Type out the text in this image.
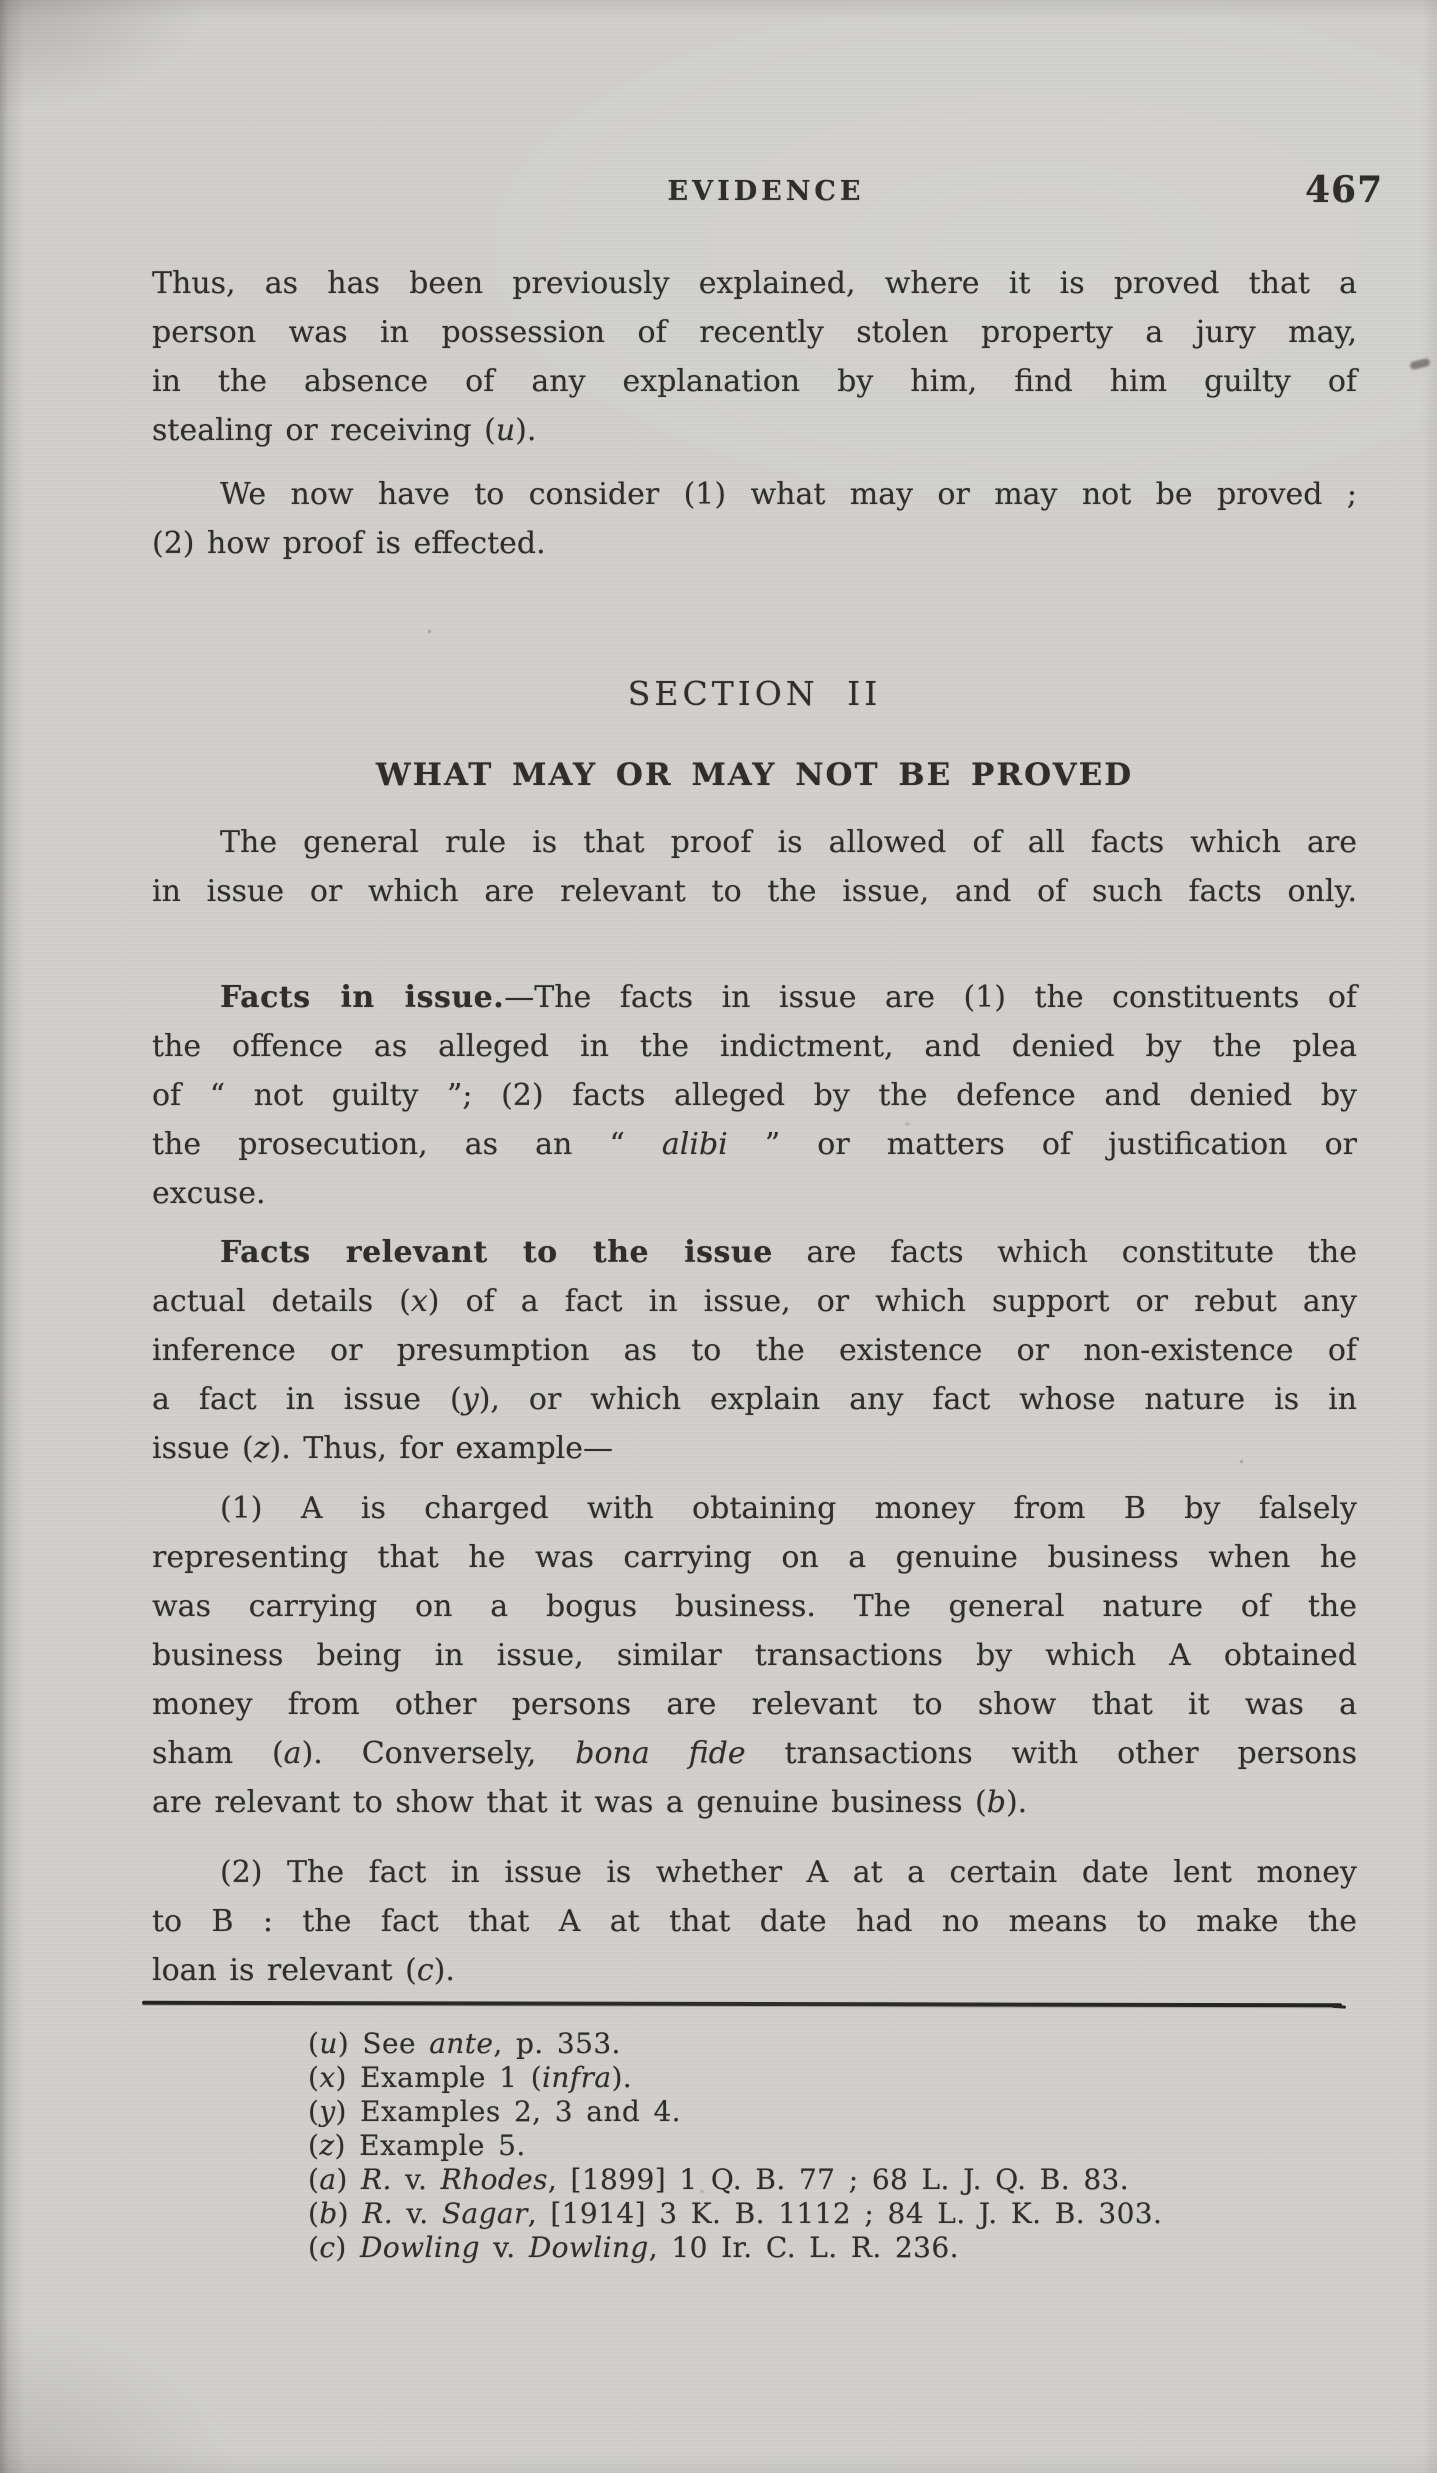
EVIDENCE	467
Thus, as has been previously explained, where it is proved that a
person was in possession of recently stolen property a jury may,
in the absence of any explanation by him, find him guilty of
stealing or receiving (u).
We now have to consider (1) what may or may not be proved ;
(2) how proof is effected.
SECTION II
WHAT MAY OR MAY NOT BE PROVED
The general rule is that proof is allowed of all facts which are
in issue or which are relevant to the issue, and of such facts only.
Facts in issue.—The facts in issue are (1) the constituents of
the offence as alleged in the indictment, and denied by the plea
of “ not guilty ”; (2) facts alleged by the defence and denied by
the prosecution, as an “ alibi ” or matters of justification or
excuse.
Facts relevant to the issue are facts which constitute the
actual details (x) of a fact in issue, or which support or rebut any
inference or presumption as to the existence or non-existence of
a fact in issue (y), or which explain any fact whose nature is in
issue (z). Thus, for example—
(1) A is charged with obtaining money from B by falsely
representing that he was carrying on a genuine business when he
was carrying on a bogus business. The general nature of the
business being in issue, similar transactions by which A obtained
money from other persons are relevant to show that it was a
sham (a). Conversely, bona fide transactions with other persons
are relevant to show that it was a genuine business (b).
(2) The fact in issue is whether A at a certain date lent money
to B : the fact that A at that date had no means to make the
loan is relevant (c).
(u) See ante, p. 353.
(x) Example 1 (infra).
(y) Examples 2, 3 and 4.
(z) Example 5.
(a) R. v. Rhodes, [1899] 1 Q. B. 77 ; 68 L. J. Q. B. 83.
(b) R. v. Sagar, [1914] 3 K. B. 1112 ; 84 L. J. K. B. 303.
(c) Dowling v. Dowling, 10 Ir. C. L. R. 236.
